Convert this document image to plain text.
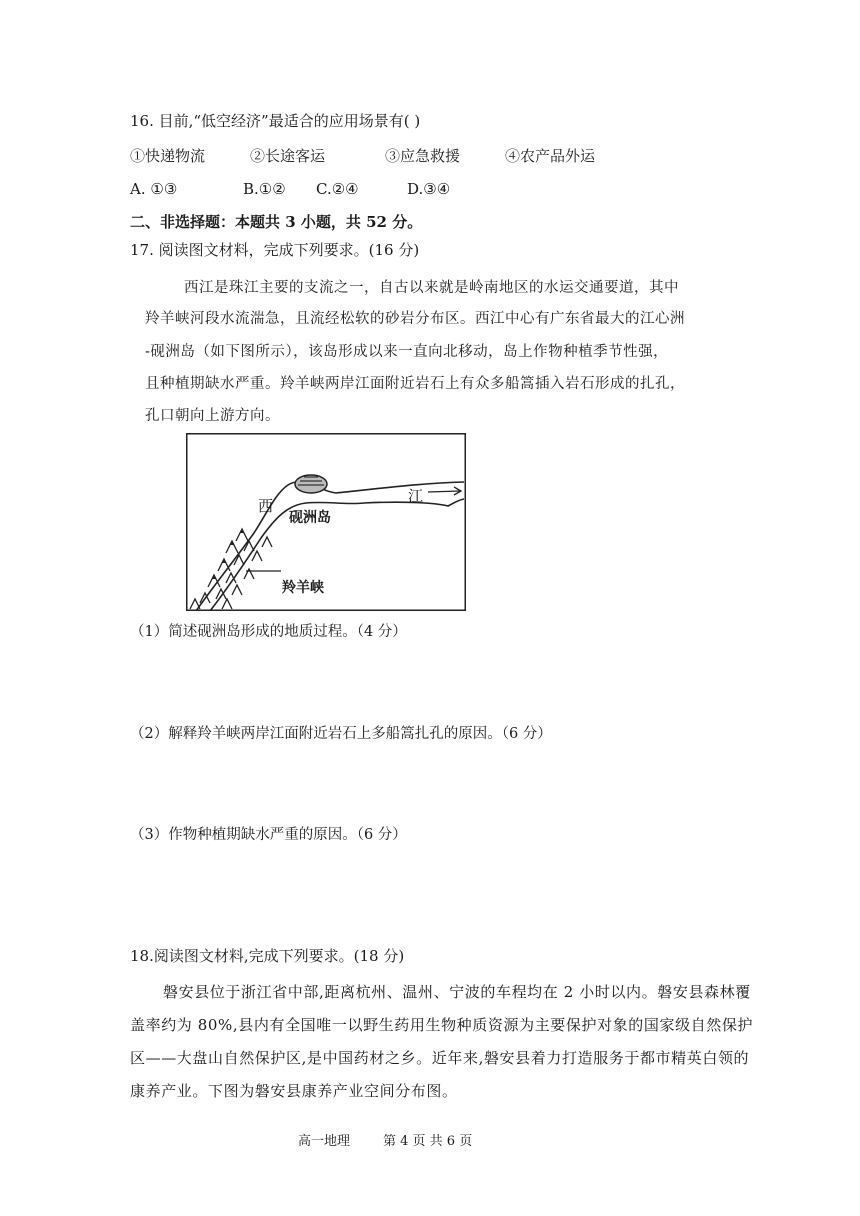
16. 目前,“低空经济”最适合的应用场景有( )
①快递物流	②长途客运	③应急救援	④农产品外运
A. ①③	B.①② C.②④	D.③④
二、非选择题：本题共 3 小题，共 52 分。
17. 阅读图文材料，完成下列要求。(16 分)
西江是珠江主要的支流之一，自古以来就是岭南地区的水运交通要道，其中
羚羊峡河段水流湍急，且流经松软的砂岩分布区。西江中心有广东省最大的江心洲
-砚洲岛（如下图所示），该岛形成以来一直向北移动，岛上作物种植季节性强，
且种植期缺水严重。羚羊峡两岸江面附近岩石上有众多船篙插入岩石形成的扎孔，
孔口朝向上游方向。
西
江
砚洲岛
羚羊峡
（1）简述砚洲岛形成的地质过程。（4 分）
（2）解释羚羊峡两岸江面附近岩石上多船篙扎孔的原因。（6 分）
（3）作物种植期缺水严重的原因。（6 分）
18.阅读图文材料,完成下列要求。(18 分)
磐安县位于浙江省中部,距离杭州、温州、宁波的车程均在 2 小时以内。磐安县森林覆
盖率约为 80%,县内有全国唯一以野生药用生物种质资源为主要保护对象的国家级自然保护
区——大盘山自然保护区,是中国药材之乡。近年来,磐安县着力打造服务于都市精英白领的
康养产业。下图为磐安县康养产业空间分布图。
高一地理	第 4 页 共 6 页
